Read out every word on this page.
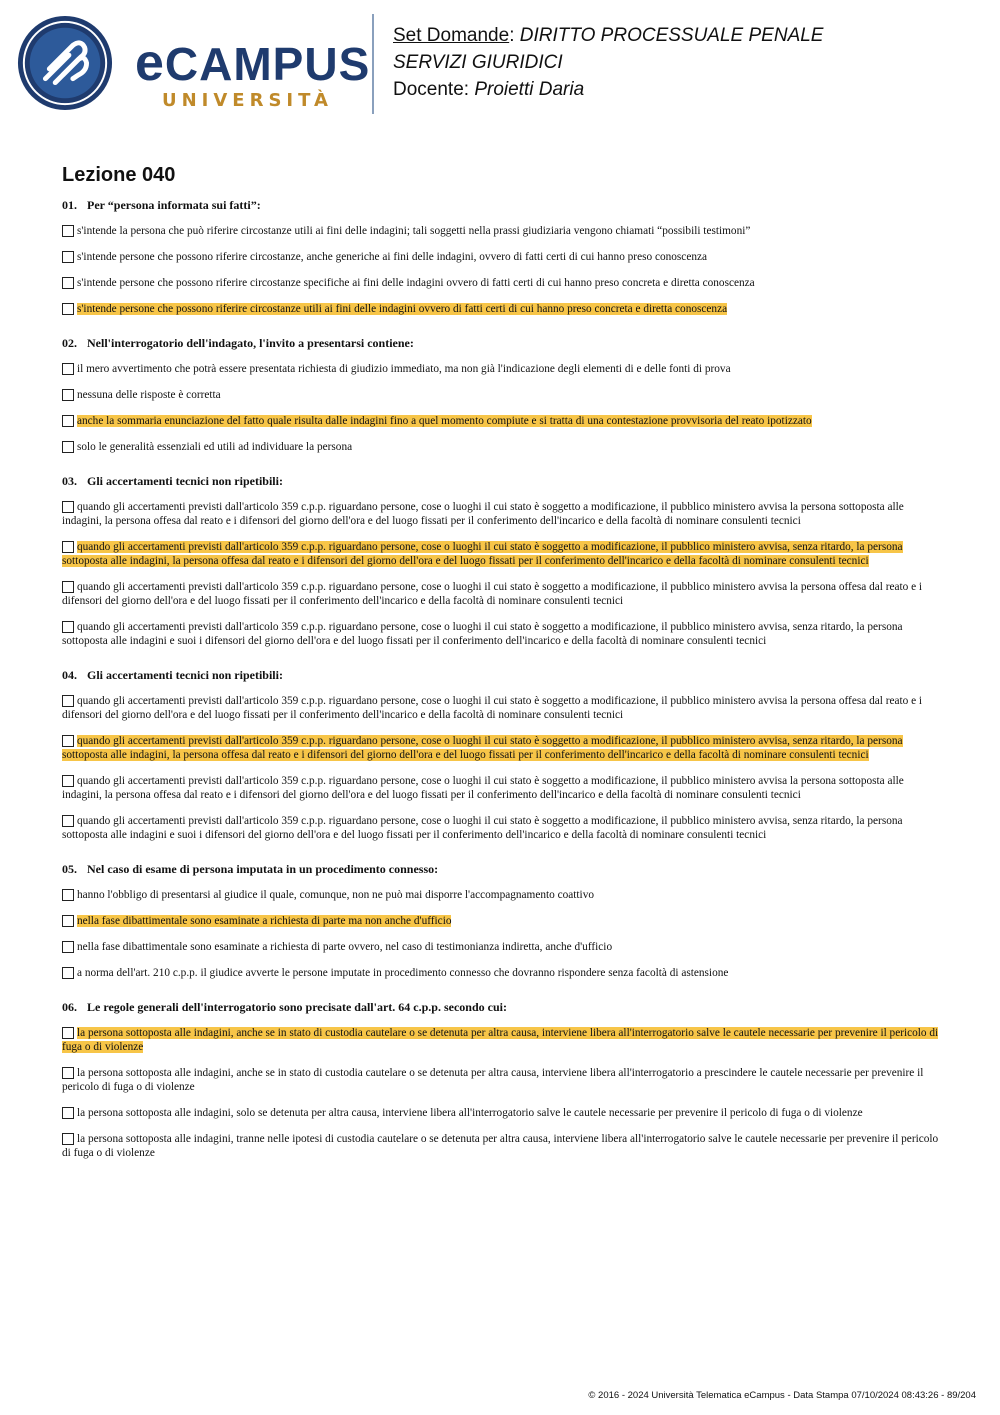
eCAMPUS
UNIVERSITÀ
Set Domande: DIRITTO PROCESSUALE PENALE
SERVIZI GIURIDICI
Docente: Proietti Daria
Lezione 040
01. Per “persona informata sui fatti”:
s'intende la persona che può riferire circostanze utili ai fini delle indagini; tali soggetti nella prassi giudiziaria vengono chiamati “possibili testimoni”
s'intende persone che possono riferire circostanze, anche generiche ai fini delle indagini, ovvero di fatti certi di cui hanno preso conoscenza
s'intende persone che possono riferire circostanze specifiche ai fini delle indagini ovvero di fatti certi di cui hanno preso concreta e diretta conoscenza
s'intende persone che possono riferire circostanze utili ai fini delle indagini ovvero di fatti certi di cui hanno preso concreta e diretta conoscenza
02. Nell'interrogatorio dell'indagato, l'invito a presentarsi contiene:
il mero avvertimento che potrà essere presentata richiesta di giudizio immediato, ma non già l'indicazione degli elementi di e delle fonti di prova
nessuna delle risposte è corretta
anche la sommaria enunciazione del fatto quale risulta dalle indagini fino a quel momento compiute e si tratta di una contestazione provvisoria del reato ipotizzato
solo le generalità essenziali ed utili ad individuare la persona
03. Gli accertamenti tecnici non ripetibili:
quando gli accertamenti previsti dall'articolo 359 c.p.p. riguardano persone, cose o luoghi il cui stato è soggetto a modificazione, il pubblico ministero avvisa la persona sottoposta alle indagini, la persona offesa dal reato e i difensori del giorno dell'ora e del luogo fissati per il conferimento dell'incarico e della facoltà di nominare consulenti tecnici
quando gli accertamenti previsti dall'articolo 359 c.p.p. riguardano persone, cose o luoghi il cui stato è soggetto a modificazione, il pubblico ministero avvisa, senza ritardo, la persona sottoposta alle indagini, la persona offesa dal reato e i difensori del giorno dell'ora e del luogo fissati per il conferimento dell'incarico e della facoltà di nominare consulenti tecnici
quando gli accertamenti previsti dall'articolo 359 c.p.p. riguardano persone, cose o luoghi il cui stato è soggetto a modificazione, il pubblico ministero avvisa la persona offesa dal reato e i difensori del giorno dell'ora e del luogo fissati per il conferimento dell'incarico e della facoltà di nominare consulenti tecnici
quando gli accertamenti previsti dall'articolo 359 c.p.p. riguardano persone, cose o luoghi il cui stato è soggetto a modificazione, il pubblico ministero avvisa, senza ritardo, la persona sottoposta alle indagini e suoi i difensori del giorno dell'ora e del luogo fissati per il conferimento dell'incarico e della facoltà di nominare consulenti tecnici
04. Gli accertamenti tecnici non ripetibili:
quando gli accertamenti previsti dall'articolo 359 c.p.p. riguardano persone, cose o luoghi il cui stato è soggetto a modificazione, il pubblico ministero avvisa la persona offesa dal reato e i difensori del giorno dell'ora e del luogo fissati per il conferimento dell'incarico e della facoltà di nominare consulenti tecnici
quando gli accertamenti previsti dall'articolo 359 c.p.p. riguardano persone, cose o luoghi il cui stato è soggetto a modificazione, il pubblico ministero avvisa, senza ritardo, la persona sottoposta alle indagini, la persona offesa dal reato e i difensori del giorno dell'ora e del luogo fissati per il conferimento dell'incarico e della facoltà di nominare consulenti tecnici
quando gli accertamenti previsti dall'articolo 359 c.p.p. riguardano persone, cose o luoghi il cui stato è soggetto a modificazione, il pubblico ministero avvisa la persona sottoposta alle indagini, la persona offesa dal reato e i difensori del giorno dell'ora e del luogo fissati per il conferimento dell'incarico e della facoltà di nominare consulenti tecnici
quando gli accertamenti previsti dall'articolo 359 c.p.p. riguardano persone, cose o luoghi il cui stato è soggetto a modificazione, il pubblico ministero avvisa, senza ritardo, la persona sottoposta alle indagini e suoi i difensori del giorno dell'ora e del luogo fissati per il conferimento dell'incarico e della facoltà di nominare consulenti tecnici
05. Nel caso di esame di persona imputata in un procedimento connesso:
hanno l'obbligo di presentarsi al giudice il quale, comunque, non ne può mai disporre l'accompagnamento coattivo
nella fase dibattimentale sono esaminate a richiesta di parte ma non anche d'ufficio
nella fase dibattimentale sono esaminate a richiesta di parte ovvero, nel caso di testimonianza indiretta, anche d'ufficio
a norma dell'art. 210 c.p.p. il giudice avverte le persone imputate in procedimento connesso che dovranno rispondere senza facoltà di astensione
06. Le regole generali dell'interrogatorio sono precisate dall'art. 64 c.p.p. secondo cui:
la persona sottoposta alle indagini, anche se in stato di custodia cautelare o se detenuta per altra causa, interviene libera all'interrogatorio salve le cautele necessarie per prevenire il pericolo di fuga o di violenze
la persona sottoposta alle indagini, anche se in stato di custodia cautelare o se detenuta per altra causa, interviene libera all'interrogatorio a prescindere le cautele necessarie per prevenire il pericolo di fuga o di violenze
la persona sottoposta alle indagini, solo se detenuta per altra causa, interviene libera all'interrogatorio salve le cautele necessarie per prevenire il pericolo di fuga o di violenze
la persona sottoposta alle indagini, tranne nelle ipotesi di custodia cautelare o se detenuta per altra causa, interviene libera all'interrogatorio salve le cautele necessarie per prevenire il pericolo di fuga o di violenze
© 2016 - 2024 Università Telematica eCampus - Data Stampa 07/10/2024 08:43:26 - 89/204
